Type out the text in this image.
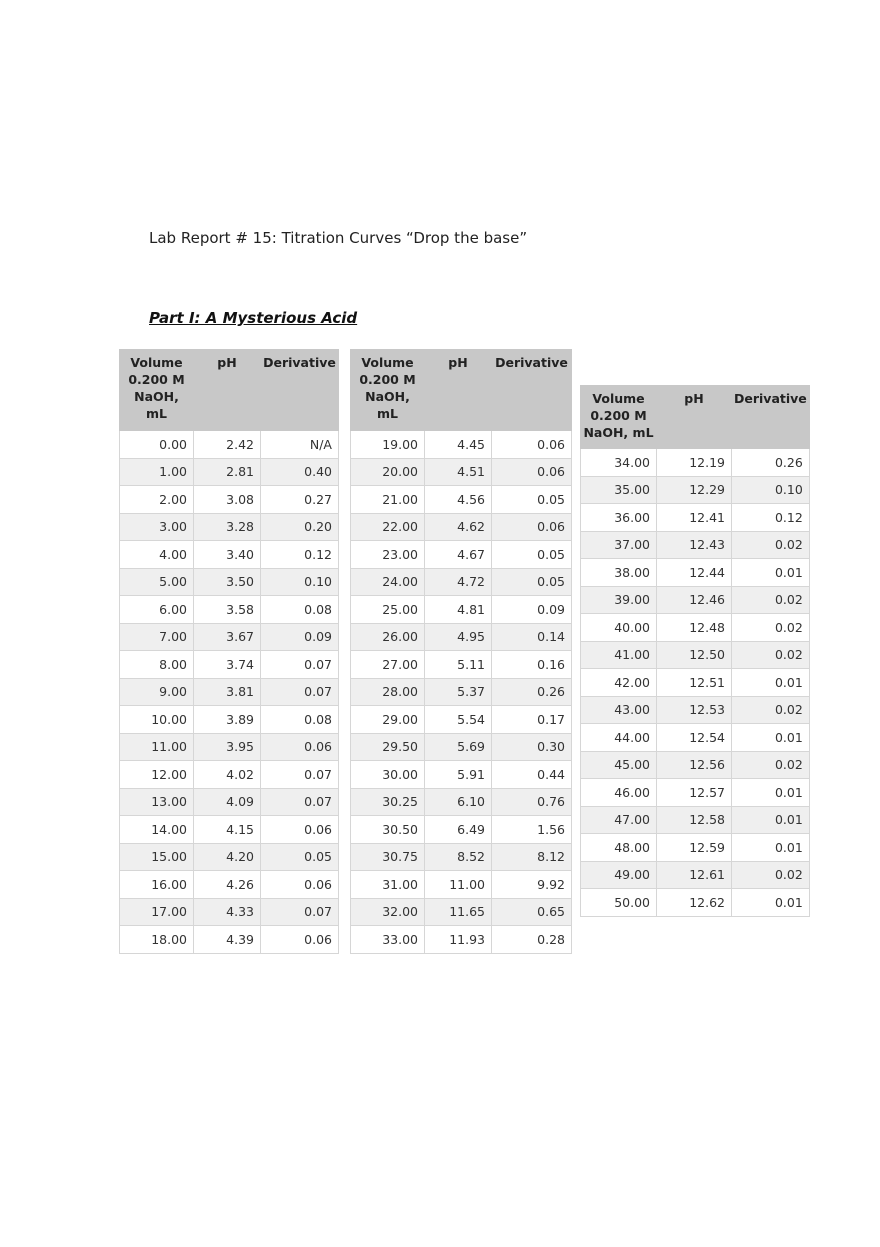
Lab Report # 15: Titration Curves “Drop the base”
Part I: A Mysterious Acid
Volume 0.200 M NaOH, mL	pH	Derivative
0.00	2.42	N/A
1.00	2.81	0.40
2.00	3.08	0.27
3.00	3.28	0.20
4.00	3.40	0.12
5.00	3.50	0.10
6.00	3.58	0.08
7.00	3.67	0.09
8.00	3.74	0.07
9.00	3.81	0.07
10.00	3.89	0.08
11.00	3.95	0.06
12.00	4.02	0.07
13.00	4.09	0.07
14.00	4.15	0.06
15.00	4.20	0.05
16.00	4.26	0.06
17.00	4.33	0.07
18.00	4.39	0.06
Volume 0.200 M NaOH, mL	pH	Derivative
19.00	4.45	0.06
20.00	4.51	0.06
21.00	4.56	0.05
22.00	4.62	0.06
23.00	4.67	0.05
24.00	4.72	0.05
25.00	4.81	0.09
26.00	4.95	0.14
27.00	5.11	0.16
28.00	5.37	0.26
29.00	5.54	0.17
29.50	5.69	0.30
30.00	5.91	0.44
30.25	6.10	0.76
30.50	6.49	1.56
30.75	8.52	8.12
31.00	11.00	9.92
32.00	11.65	0.65
33.00	11.93	0.28
Volume 0.200 M NaOH, mL	pH	Derivative
34.00	12.19	0.26
35.00	12.29	0.10
36.00	12.41	0.12
37.00	12.43	0.02
38.00	12.44	0.01
39.00	12.46	0.02
40.00	12.48	0.02
41.00	12.50	0.02
42.00	12.51	0.01
43.00	12.53	0.02
44.00	12.54	0.01
45.00	12.56	0.02
46.00	12.57	0.01
47.00	12.58	0.01
48.00	12.59	0.01
49.00	12.61	0.02
50.00	12.62	0.01
